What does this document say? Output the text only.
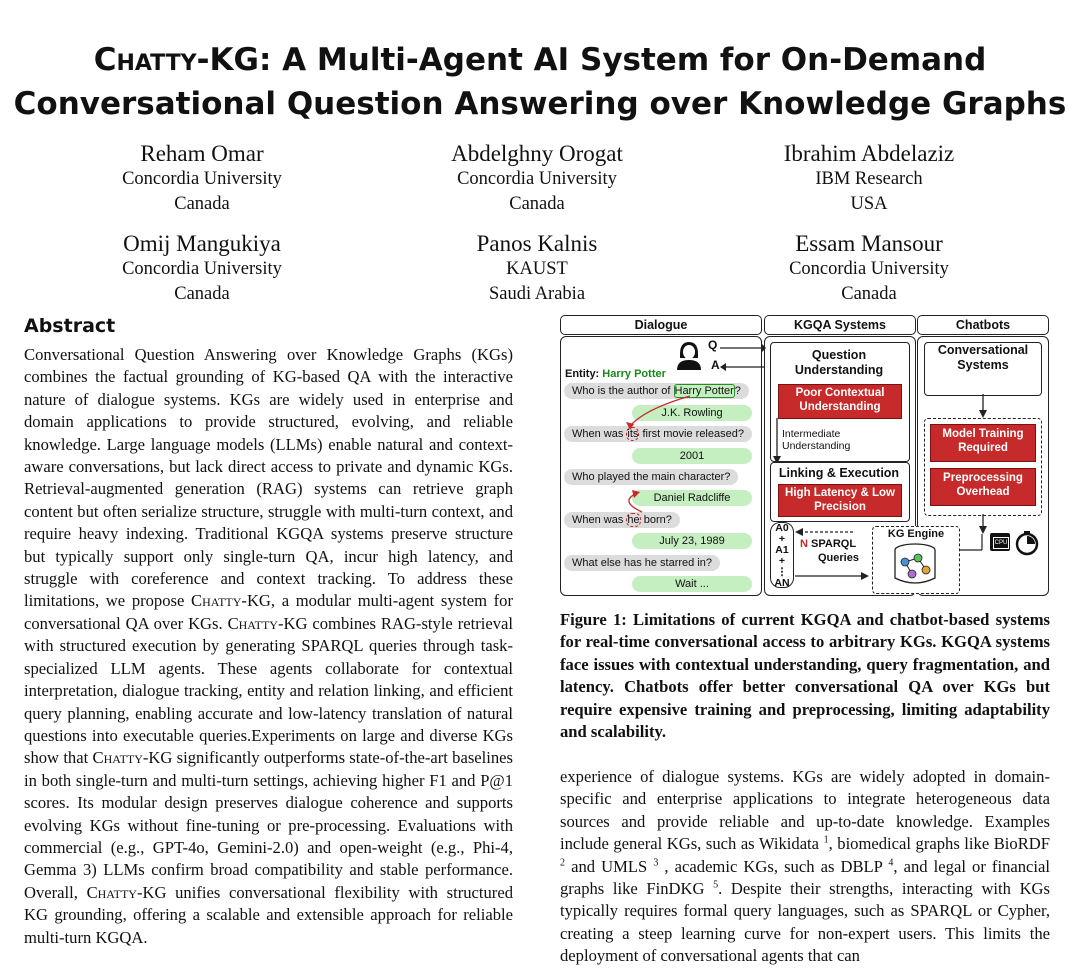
Chatty-KG: A Multi-Agent AI System for On-Demand
Conversational Question Answering over Knowledge Graphs
Reham Omar
Concordia University
Canada
Abdelghny Orogat
Concordia University
Canada
Ibrahim Abdelaziz
IBM Research
USA
Omij Mangukiya
Concordia University
Canada
Panos Kalnis
KAUST
Saudi Arabia
Essam Mansour
Concordia University
Canada
Abstract
Conversational Question Answering over Knowledge Graphs (KGs) combines the factual grounding of KG-based QA with the interactive nature of dialogue systems. KGs are widely used in enterprise and domain applications to provide structured, evolving, and reliable knowledge. Large language models (LLMs) enable natural and context-aware conversations, but lack direct access to private and dynamic KGs. Retrieval-augmented generation (RAG) systems can retrieve graph content but often serialize structure, struggle with multi-turn context, and require heavy indexing. Traditional KGQA systems preserve structure but typically support only single-turn QA, incur high latency, and struggle with coreference and context tracking. To address these limitations, we propose Chatty-KG, a modular multi-agent system for conversational QA over KGs. Chatty-KG combines RAG-style retrieval with structured execution by generating SPARQL queries through task-specialized LLM agents. These agents collaborate for contextual interpretation, dialogue tracking, entity and relation linking, and efficient query planning, enabling accurate and low-latency translation of natural questions into executable queries.Experiments on large and diverse KGs show that Chatty-KG significantly outperforms state-of-the-art baselines in both single-turn and multi-turn settings, achieving higher F1 and P@1 scores. Its modular design preserves dialogue coherence and supports evolving KGs without fine-tuning or pre-processing. Evaluations with commercial (e.g., GPT-4o, Gemini-2.0) and open-weight (e.g., Phi-4, Gemma 3) LLMs confirm broad compatibility and stable performance. Overall, Chatty-KG unifies conversational flexibility with structured KG grounding, offering a scalable and extensible approach for reliable multi-turn KGQA.
Dialogue	KGQA Systems	Chatbots
Q
A
Entity: Harry Potter
Who is the author of Harry Potter?
J.K. Rowling
When was its first movie released?
2001
Who played the main character?
Daniel Radcliffe
When was he born?
July 23, 1989
What else has he starred in?
Wait ...
Question Understanding
Poor Contextual Understanding
Intermediate Understanding
Linking & Execution
High Latency & Low Precision
A0
+
A1
+
⋮
AN
N SPARQL
Queries
KG Engine
Conversational Systems
Model Training Required
Preprocessing Overhead
CPU
Figure 1: Limitations of current KGQA and chatbot-based systems for real-time conversational access to arbitrary KGs. KGQA systems face issues with contextual understanding, query fragmentation, and latency. Chatbots offer better conversational QA over KGs but require expensive training and preprocessing, limiting adaptability and scalability.
experience of dialogue systems. KGs are widely adopted in domain-specific and enterprise applications to integrate heterogeneous data sources and provide reliable and up-to-date knowledge. Examples include general KGs, such as Wikidata $^1$, biomedical graphs like BioRDF $^2$ and UMLS $^3$ , academic KGs, such as DBLP $^4$, and legal or financial graphs like FinDKG $^5$. Despite their strengths, interacting with KGs typically requires formal query languages, such as SPARQL or Cypher, creating a steep learning curve for non-expert users. This limits the deployment of conversational agents that can
